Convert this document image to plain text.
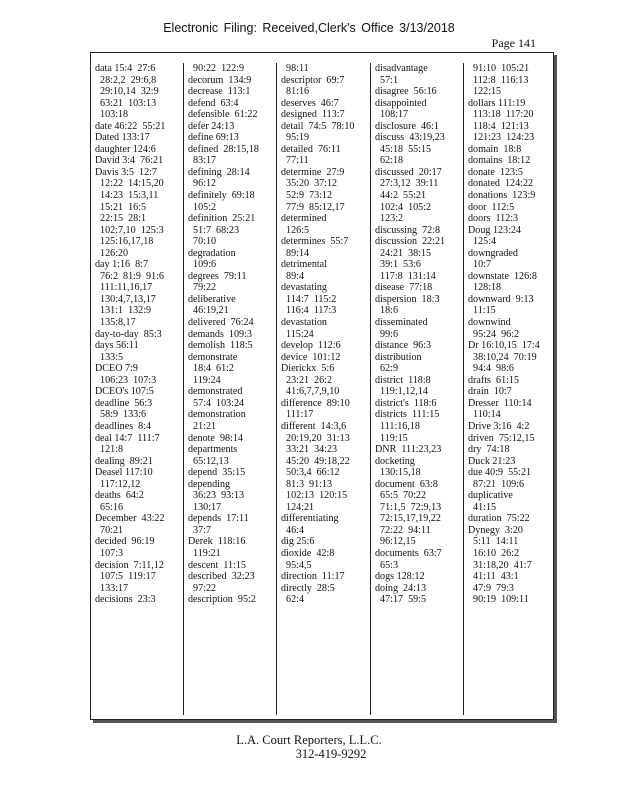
Electronic Filing: Received,Clerk's Office 3/13/2018
Page 141
data 15:4  27:6
28:2,2  29:6,8
29:10,14  32:9
63:21  103:13
103:18
date 46:22  55:21
Dated 133:17
daughter 124:6
David 3:4  76:21
Davis 3:5  12:7
12:22  14:15,20
14:23  15:3,11
15:21  16:5
22:15  28:1
102:7,10  125:3
125:16,17,18
126:20
day 1:16  8:7
76:2  81:9  91:6
111:11,16,17
130:4,7,13,17
131:1  132:9
135:8,17
day-to-day  85:3
days 56:11
133:5
DCEO 7:9
106:23  107:3
DCEO's 107:5
deadline  56:3
58:9  133:6
deadlines  8:4
deal 14:7  111:7
121:8
dealing  89:21
Deasel 117:10
117:12,12
deaths  64:2
65:16
December  43:22
70:21
decided  96:19
107:3
decision  7:11,12
107:5  119:17
133:17
decisions  23:3
90:22  122:9
decorum  134:9
decrease  113:1
defend  63:4
defensible  61:22
defer 24:13
define 69:13
defined  28:15,18
83:17
defining  28:14
96:12
definitely  69:18
105:2
definition  25:21
51:7  68:23
70:10
degradation
109:6
degrees  79:11
79:22
deliberative
46:19,21
delivered  76:24
demands  109:3
demolish  118:5
demonstrate
18:4  61:2
119:24
demonstrated
57:4  103:24
demonstration
21:21
denote  98:14
departments
65:12,13
depend  35:15
depending
36:23  93:13
130:17
depends  17:11
37:7
Derek  118:16
119:21
descent  11:15
described  32:23
97:22
description  95:2
98:11
descriptor  69:7
81:16
deserves  46:7
designed  113:7
detail  74:5  78:10
95:19
detailed  76:11
77:11
determine  27:9
35:20  37:12
52:9  73:12
77:9  85:12,17
determined
126:5
determines  55:7
89:14
detrimental
89:4
devastating
114:7  115:2
116:4  117:3
devastation
115:24
develop  112:6
device  101:12
Dierickx  5:6
23:21  26:2
41:6,7,7,9,10
difference  89:10
111:17
different  14:3,6
20:19,20  31:13
33:21  34:23
45:20  49:18,22
50:3,4  66:12
81:3  91:13
102:13  120:15
124:21
differentiating
46:4
dig 25:6
dioxide  42:8
95:4,5
direction  11:17
directly  28:5
62:4
disadvantage
57:1
disagree  56:16
disappointed
108:17
disclosure  46:1
discuss  43:19,23
45:18  55:15
62:18
discussed  20:17
27:3,12  39:11
44:2  55:21
102:4  105:2
123:2
discussing  72:8
discussion  22:21
24:21  38:15
39:1  53:6
117:8  131:14
disease  77:18
dispersion  18:3
18:6
disseminated
99:6
distance  96:3
distribution
62:9
district  118:8
119:1,12,14
district's  118:6
districts  111:15
111:16,18
119:15
DNR  111:23,23
docketing
130:15,18
document  63:8
65:5  70:22
71:1,5  72:9,13
72:15,17,19,22
72:22  94:11
96:12,15
documents  63:7
65:3
dogs 128:12
doing  24:13
47:17  59:5
91:10  105:21
112:8  116:13
122:15
dollars 111:19
113:18  117:20
118:4  121:13
121:23  124:23
domain  18:8
domains  18:12
donate  123:5
donated  124:22
donations  123:9
door  112:5
doors  112:3
Doug 123:24
125:4
downgraded
10:7
downstate  126:8
128:18
downward  9:13
11:15
downwind
95:24  96:2
Dr 16:10,15  17:4
38:10,24  70:19
94:4  98:6
drafts  61:15
drain  10:7
Dresser  110:14
110:14
Drive 3:16  4:2
driven  75:12,15
dry  74:18
Duck 21:23
due 40:9  55:21
87:21  109:6
duplicative
41:15
duration  75:22
Dynegy  3:20
5:11  14:11
16:10  26:2
31:18,20  41:7
41:11  43:1
47:9  79:3
90:19  109:11
L.A. Court Reporters, L.L.C.
312-419-9292
